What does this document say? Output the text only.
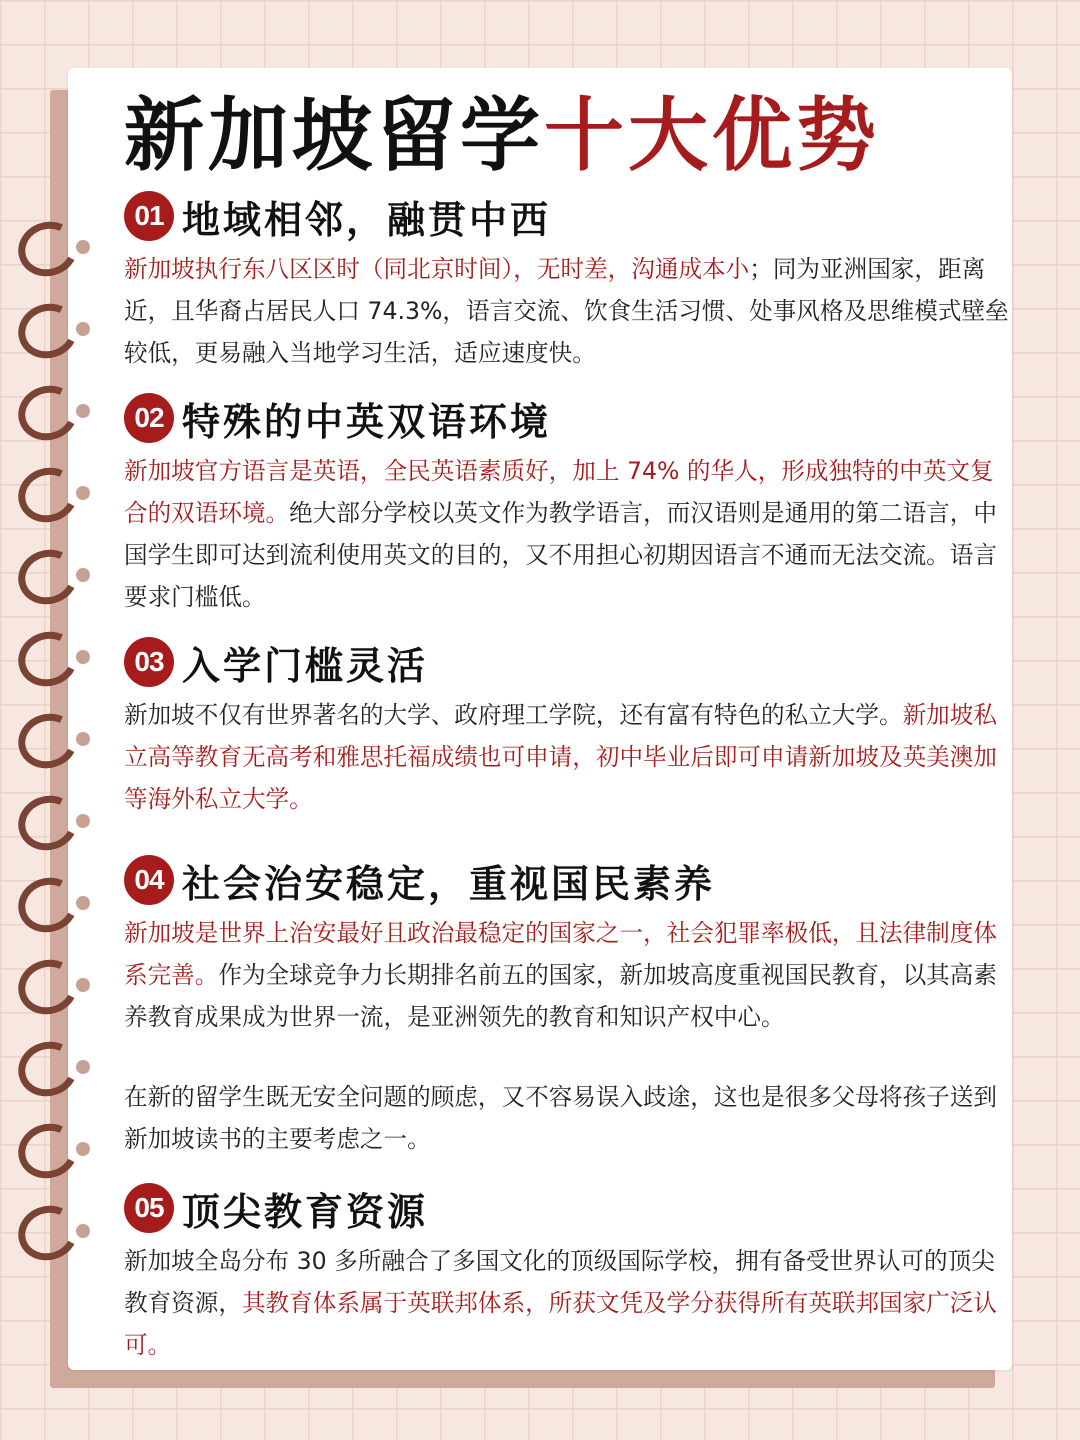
新加坡留学十大优势
01 地域相邻，融贯中西

新加坡执行东八区区时（同北京时间），无时差，沟通成本小；同为亚洲国家，距离近，且华裔占居民人口 74.3%，语言交流、饮食生活习惯、处事风格及思维模式壁垒较低，更易融入当地学习生活，适应速度快。

02 特殊的中英双语环境

新加坡官方语言是英语，全民英语素质好，加上 74% 的华人，形成独特的中英文复合的双语环境。绝大部分学校以英文作为教学语言，而汉语则是通用的第二语言，中国学生即可达到流利使用英文的目的，又不用担心初期因语言不通而无法交流。语言要求门槛低。

03 入学门槛灵活

新加坡不仅有世界著名的大学、政府理工学院，还有富有特色的私立大学。新加坡私立高等教育无高考和雅思托福成绩也可申请，初中毕业后即可申请新加坡及英美澳加等海外私立大学。

04 社会治安稳定，重视国民素养

新加坡是世界上治安最好且政治最稳定的国家之一，社会犯罪率极低，且法律制度体系完善。作为全球竞争力长期排名前五的国家，新加坡高度重视国民教育，以其高素养教育成果成为世界一流，是亚洲领先的教育和知识产权中心。

在新的留学生既无安全问题的顾虑，又不容易误入歧途，这也是很多父母将孩子送到新加坡读书的主要考虑之一。

05 顶尖教育资源

新加坡全岛分布 30 多所融合了多国文化的顶级国际学校，拥有备受世界认可的顶尖教育资源，其教育体系属于英联邦体系，所获文凭及学分获得所有英联邦国家广泛认可。
